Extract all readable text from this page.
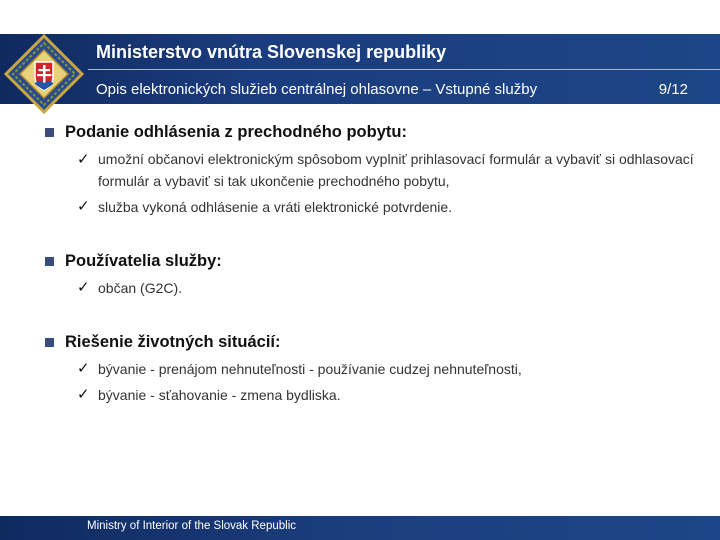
Ministerstvo vnútra Slovenskej republiky
Opis elektronických služieb centrálnej ohlasovne – Vstupné služby	9/12
Podanie odhlásenia z prechodného pobytu:
✓ umožní občanovi elektronickým spôsobom vyplniť prihlasovací formulár a vybaviť si odhlasovací formulár a vybaviť si tak ukončenie prechodného pobytu,
✓ služba vykoná odhlásenie a vráti elektronické potvrdenie.
Používatelia služby:
✓ občan (G2C).
Riešenie životných situácií:
✓ bývanie - prenájom nehnuteľnosti - používanie cudzej nehnuteľnosti,
✓ bývanie - sťahovanie - zmena bydliska.
Ministry of Interior of the Slovak Republic
